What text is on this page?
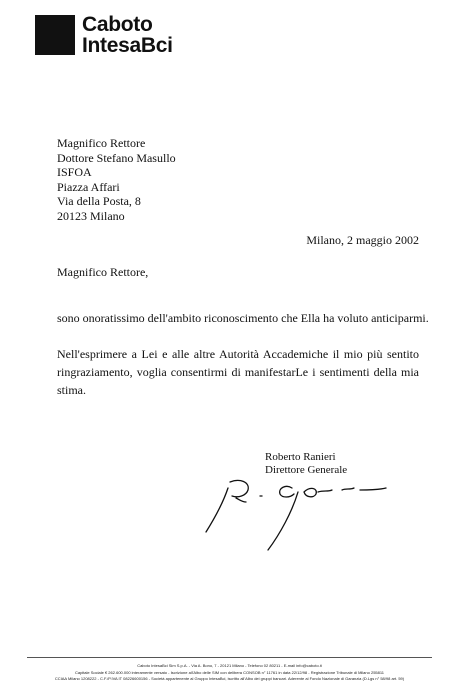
Caboto
IntesaBci
Magnifico Rettore
Dottore Stefano Masullo
ISFOA
Piazza Affari
Via della Posta, 8
20123 Milano
Milano, 2 maggio 2002
Magnifico Rettore,
sono onoratissimo dell'ambito riconoscimento che Ella ha voluto anticiparmi.
Nell'esprimere a Lei e alle altre Autorità Accademiche il mio più sentito ringraziamento, voglia consentirmi di manifestarLe i sentimenti della mia stima.
Roberto Ranieri
Direttore Generale
Caboto IntesaBci Sim S.p.A. - Via A. Bono, 7 - 20121 Milano - Telefono 02 80211 - E-mail info@caboto.it
Capitale Sociale € 262.600.000 interamente versato - Iscrizione all'Albo delle SIM con delibera CONSOB n° 11761 in data 22/12/98 - Registrazione Tribunale di Milano 255811
CCIAA Milano 1208222 - C.F./P.IVA IT 08226600156 - Società appartenente al Gruppo IntesaBci, iscritto all'Albo dei gruppi bancari. Aderente al Fondo Nazionale di Garanzia (D.Lgs n° 58/98 art. 59)
